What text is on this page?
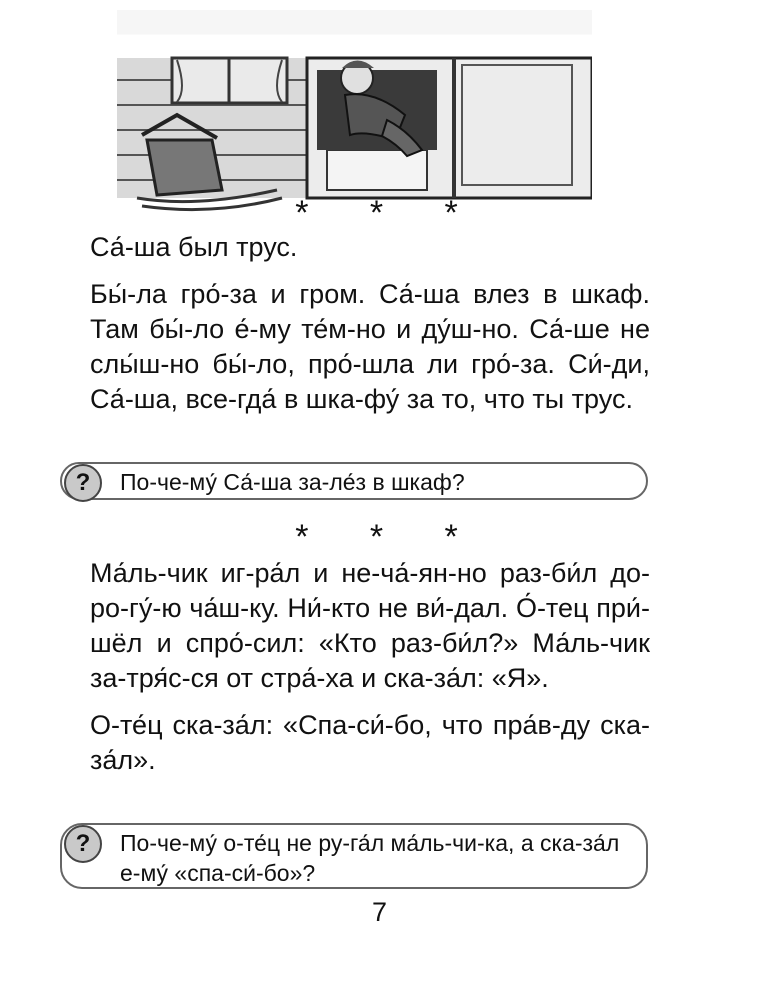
* * *

Са́-ша был трус.

Бы́-ла гро́-за и гром. Са́-ша влез в шкаф. Там бы́-ло е́-му те́м-но и ду́ш-но. Са́-ше не слы́ш-но бы́-ло, про́-шла ли гро́-за. Си́-ди, Са́-ша, все-гда́ в шка-фу́ за то, что ты трус.

?	По-че-му́ Са́-ша за-ле́з в шкаф?
* * *

Ма́ль-чик иг-ра́л и не-ча́-ян-но раз-би́л до-ро-гу́-ю ча́ш-ку. Ни́-кто не ви́-дал. О́-тец при́-шёл и спро́-сил: «Кто раз-би́л?» Ма́ль-чик за-тря́с-ся от стра́-ха и ска-за́л: «Я».

О-те́ц ска-за́л: «Спа-си́-бо, что пра́в-ду ска-за́л».

?	По-че-му́ о-те́ц не ру-га́л ма́ль-чи-ка, а ска-за́л е-му́ «спа-си́-бо»?
7
